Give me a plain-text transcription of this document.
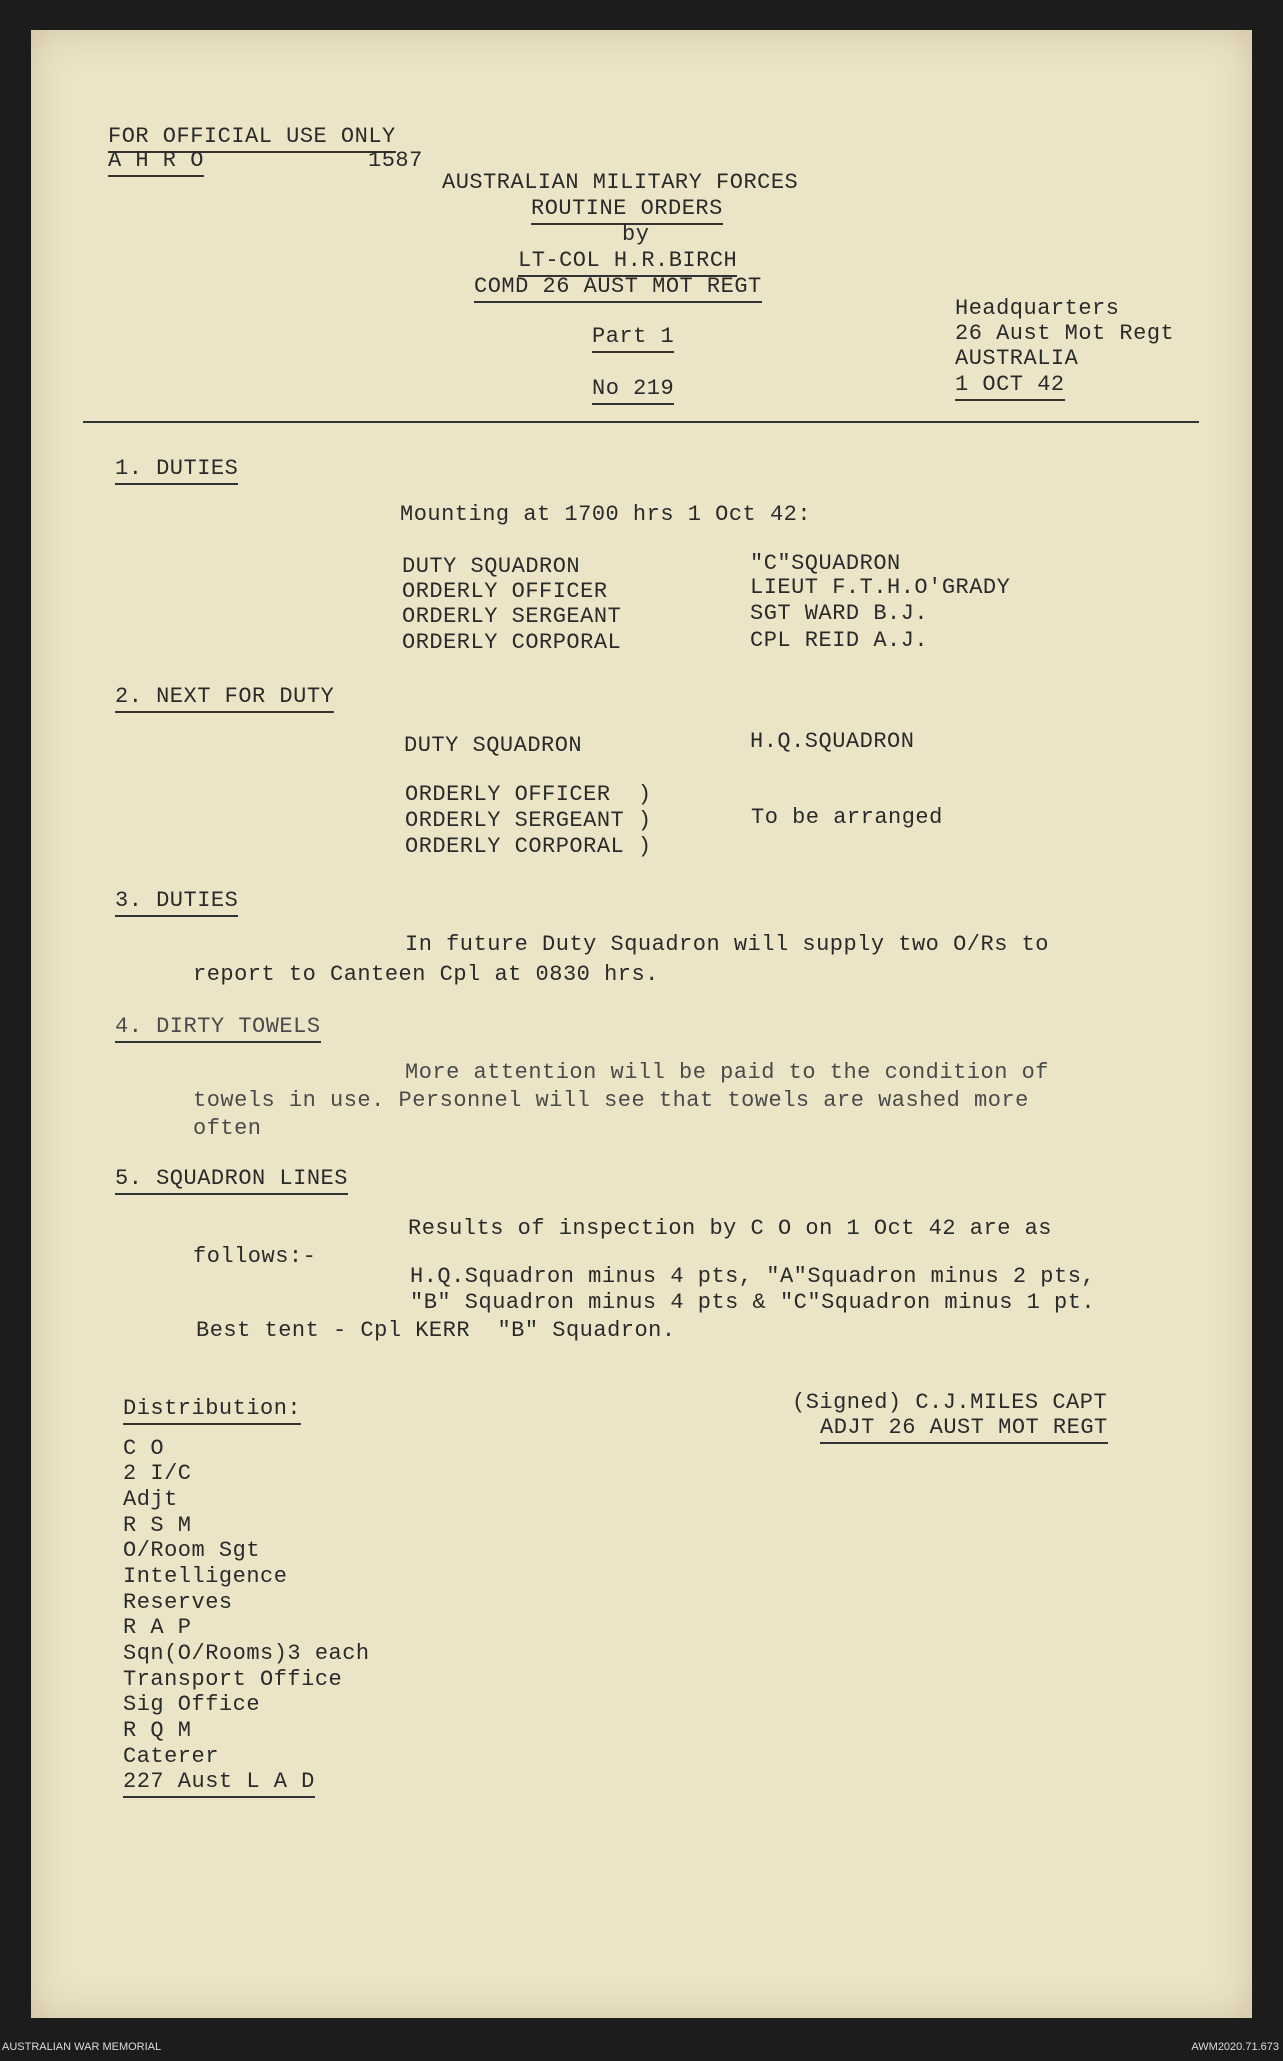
FOR OFFICIAL USE ONLY
A H R O	1587
AUSTRALIAN MILITARY FORCES
ROUTINE ORDERS
by
LT-COL H.R.BIRCH
COMD 26 AUST MOT REGT
Part 1
No 219
Headquarters
26 Aust Mot Regt
AUSTRALIA
1 OCT 42
1. DUTIES
Mounting at 1700 hrs 1 Oct 42:
DUTY SQUADRON	"C"SQUADRON
ORDERLY OFFICER	LIEUT F.T.H.O'GRADY
ORDERLY SERGEANT	SGT WARD B.J.
ORDERLY CORPORAL	CPL REID A.J.
2. NEXT FOR DUTY
DUTY SQUADRON	H.Q.SQUADRON
ORDERLY OFFICER  )
ORDERLY SERGEANT )
ORDERLY CORPORAL )
To be arranged
3. DUTIES
In future Duty Squadron will supply two O/Rs to
report to Canteen Cpl at 0830 hrs.
4. DIRTY TOWELS
More attention will be paid to the condition of
towels in use. Personnel will see that towels are washed more
often
5. SQUADRON LINES
Results of inspection by C O on 1 Oct 42 are as
follows:-
H.Q.Squadron minus 4 pts, "A"Squadron minus 2 pts,
"B" Squadron minus 4 pts & "C"Squadron minus 1 pt.
Best tent - Cpl KERR  "B" Squadron.
(Signed) C.J.MILES CAPT
ADJT 26 AUST MOT REGT
Distribution:
C O
2 I/C
Adjt
R S M
O/Room Sgt
Intelligence
Reserves
R A P
Sqn(O/Rooms)3 each
Transport Office
Sig Office
R Q M
Caterer
227 Aust L A D
AUSTRALIAN WAR MEMORIAL	AWM2020.71.673
